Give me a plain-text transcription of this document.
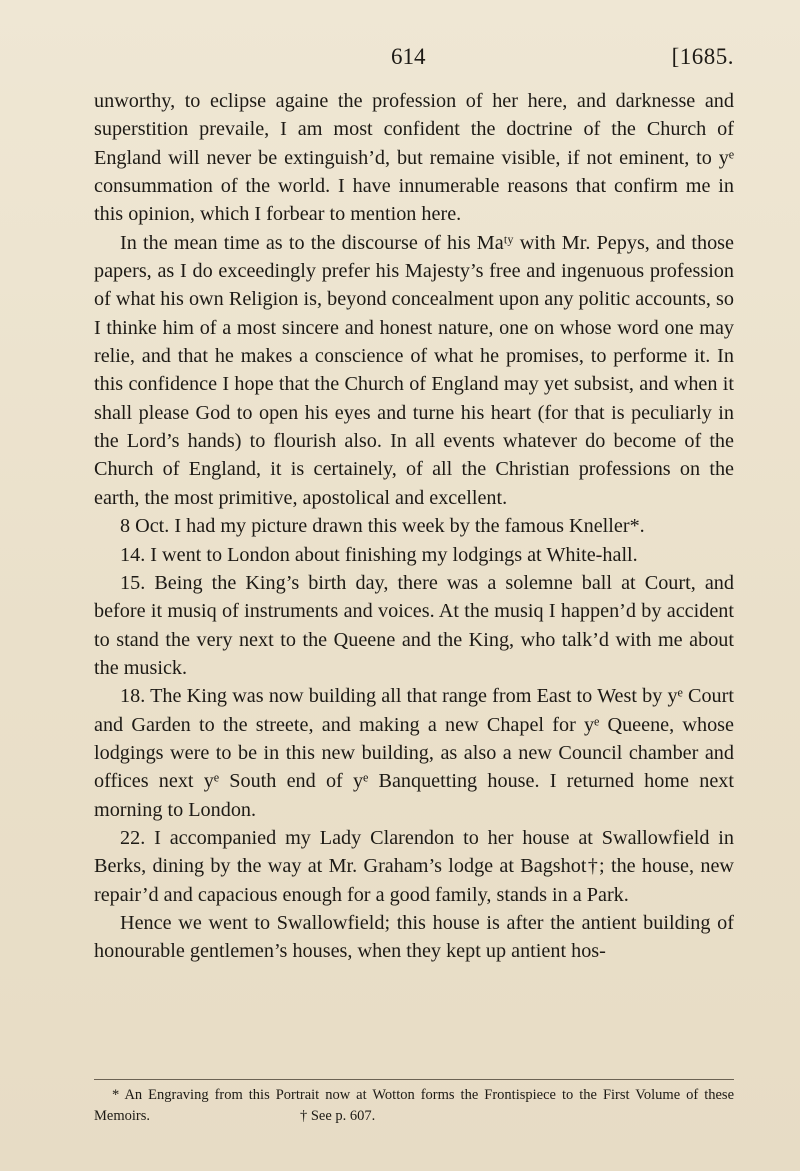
614	[1685.

unworthy, to eclipse againe the profession of her here, and darknesse and superstition prevaile, I am most confident the doctrine of the Church of England will never be extinguish’d, but remaine visible, if not eminent, to yᵉ consummation of the world. I have innumerable reasons that confirm me in this opinion, which I forbear to mention here.

In the mean time as to the discourse of his Maᵗʸ with Mr. Pepys, and those papers, as I do exceedingly prefer his Majesty’s free and ingenuous profession of what his own Religion is, beyond concealment upon any politic accounts, so I thinke him of a most sincere and honest nature, one on whose word one may relie, and that he makes a conscience of what he promises, to performe it. In this confidence I hope that the Church of England may yet subsist, and when it shall please God to open his eyes and turne his heart (for that is peculiarly in the Lord’s hands) to flourish also. In all events whatever do become of the Church of England, it is certainely, of all the Christian professions on the earth, the most primitive, apostolical and excellent.

8 Oct. I had my picture drawn this week by the famous Kneller*.

14. I went to London about finishing my lodgings at White-hall.

15. Being the King’s birth day, there was a solemne ball at Court, and before it musiq of instruments and voices. At the musiq I happen’d by accident to stand the very next to the Queene and the King, who talk’d with me about the musick.

18. The King was now building all that range from East to West by yᵉ Court and Garden to the streete, and making a new Chapel for yᵉ Queene, whose lodgings were to be in this new building, as also a new Council chamber and offices next yᵉ South end of yᵉ Banquetting house. I returned home next morning to London.

22. I accompanied my Lady Clarendon to her house at Swallowfield in Berks, dining by the way at Mr. Graham’s lodge at Bagshot†; the house, new repair’d and capacious enough for a good family, stands in a Park.

Hence we went to Swallowfield; this house is after the antient building of honourable gentlemen’s houses, when they kept up antient hos-

* An Engraving from this Portrait now at Wotton forms the Frontispiece to the First Volume of these Memoirs.	† See p. 607.
